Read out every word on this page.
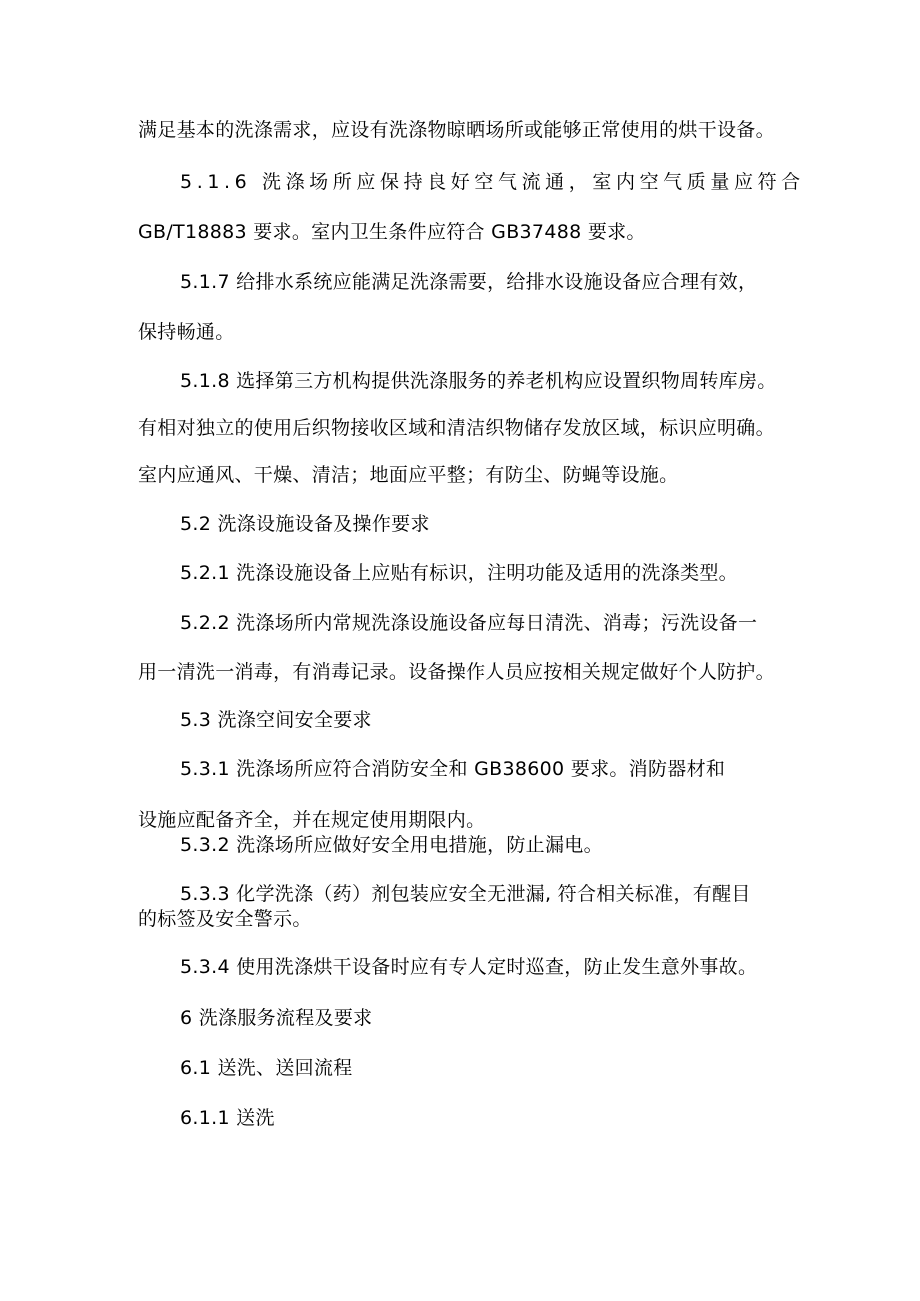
满足基本的洗涤需求，应设有洗涤物晾晒场所或能够正常使用的烘干设备。
5.1.6 洗涤场所应保持良好空气流通，室内空气质量应符合
GB/T18883 要求。室内卫生条件应符合 GB37488 要求。
5.1.7 给排水系统应能满足洗涤需要，给排水设施设备应合理有效，
保持畅通。
5.1.8 选择第三方机构提供洗涤服务的养老机构应设置织物周转库房。
有相对独立的使用后织物接收区域和清洁织物储存发放区域，标识应明确。
室内应通风、干燥、清洁；地面应平整；有防尘、防蝇等设施。
5.2 洗涤设施设备及操作要求
5.2.1 洗涤设施设备上应贴有标识，注明功能及适用的洗涤类型。
5.2.2 洗涤场所内常规洗涤设施设备应每日清洗、消毒；污洗设备一
用一清洗一消毒，有消毒记录。设备操作人员应按相关规定做好个人防护。
5.3 洗涤空间安全要求
5.3.1 洗涤场所应符合消防安全和 GB38600 要求。消防器材和
设施应配备齐全，并在规定使用期限内。
5.3.2 洗涤场所应做好安全用电措施，防止漏电。
5.3.3 化学洗涤（药）剂包装应安全无泄漏, 符合相关标准，有醒目
的标签及安全警示。
5.3.4 使用洗涤烘干设备时应有专人定时巡查，防止发生意外事故。
6 洗涤服务流程及要求
6.1 送洗、送回流程
6.1.1 送洗
